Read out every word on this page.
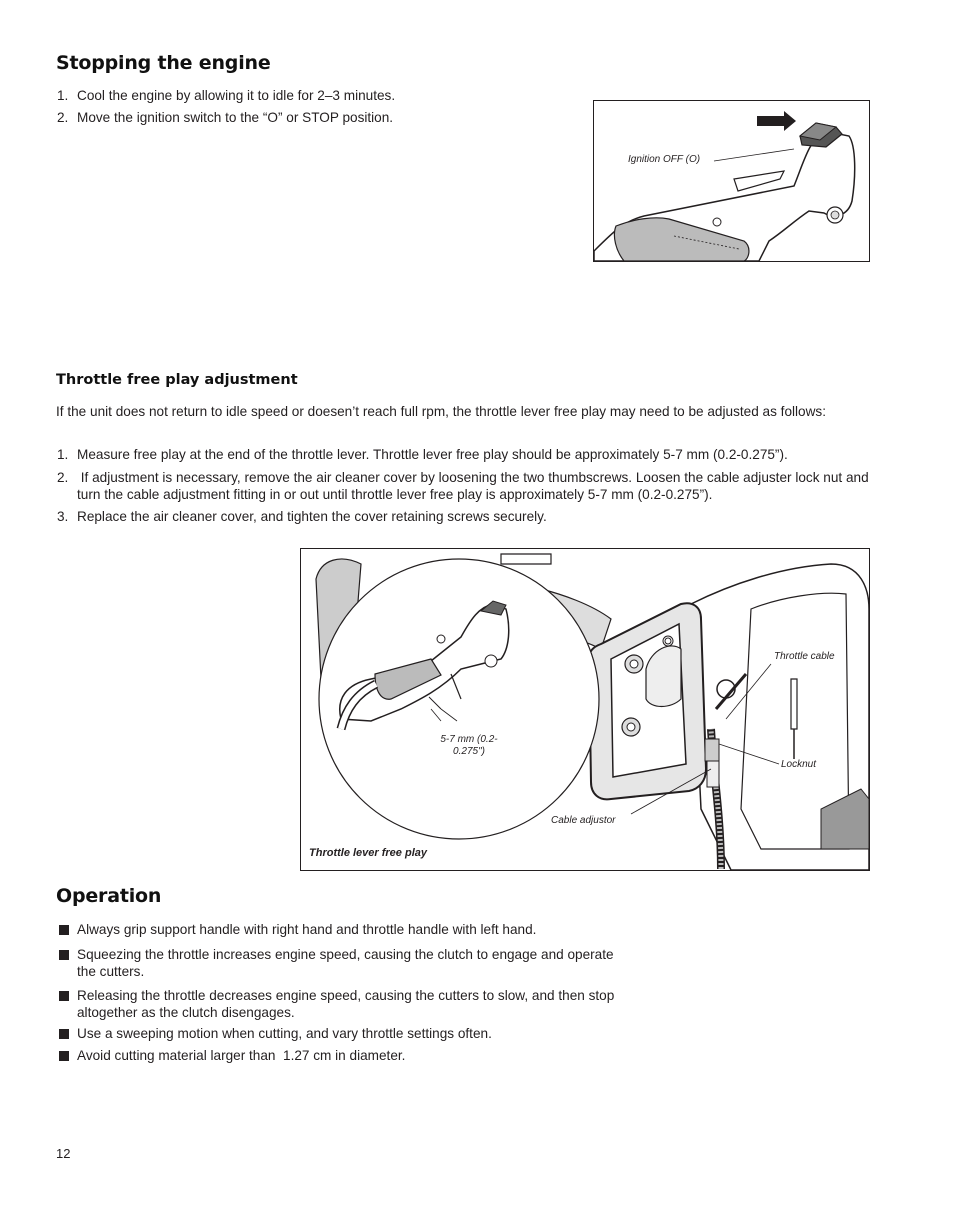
Stopping the engine
1. Cool the engine by allowing it to idle for 2–3 minutes.
2. Move the ignition switch to the “O” or STOP position.
Ignition OFF (O)
Throttle free play adjustment
If the unit does not return to idle speed or doesen’t reach full rpm, the throttle lever free play may need to be adjusted as follows:
1. Measure free play at the end of the throttle lever. Throttle lever free play should be approximately 5-7 mm (0.2-0.275”).
2. If adjustment is necessary, remove the air cleaner cover by loosening the two thumbscrews. Loosen the cable adjuster lock nut and turn the cable adjustment fitting in or out until throttle lever free play is approximately 5-7 mm (0.2-0.275”).
3. Replace the air cleaner cover, and tighten the cover retaining screws securely.
Throttle cable
Locknut
Cable adjustor
5-7 mm (0.2-0.275")
Throttle lever free play
Operation
Always grip support handle with right hand and throttle handle with left hand.
Squeezing the throttle increases engine speed, causing the clutch to engage and operate the cutters.
Releasing the throttle decreases engine speed, causing the cutters to slow, and then stop altogether as the clutch disengages.
Use a sweeping motion when cutting, and vary throttle settings often.
Avoid cutting material larger than  1.27 cm in diameter.
12
